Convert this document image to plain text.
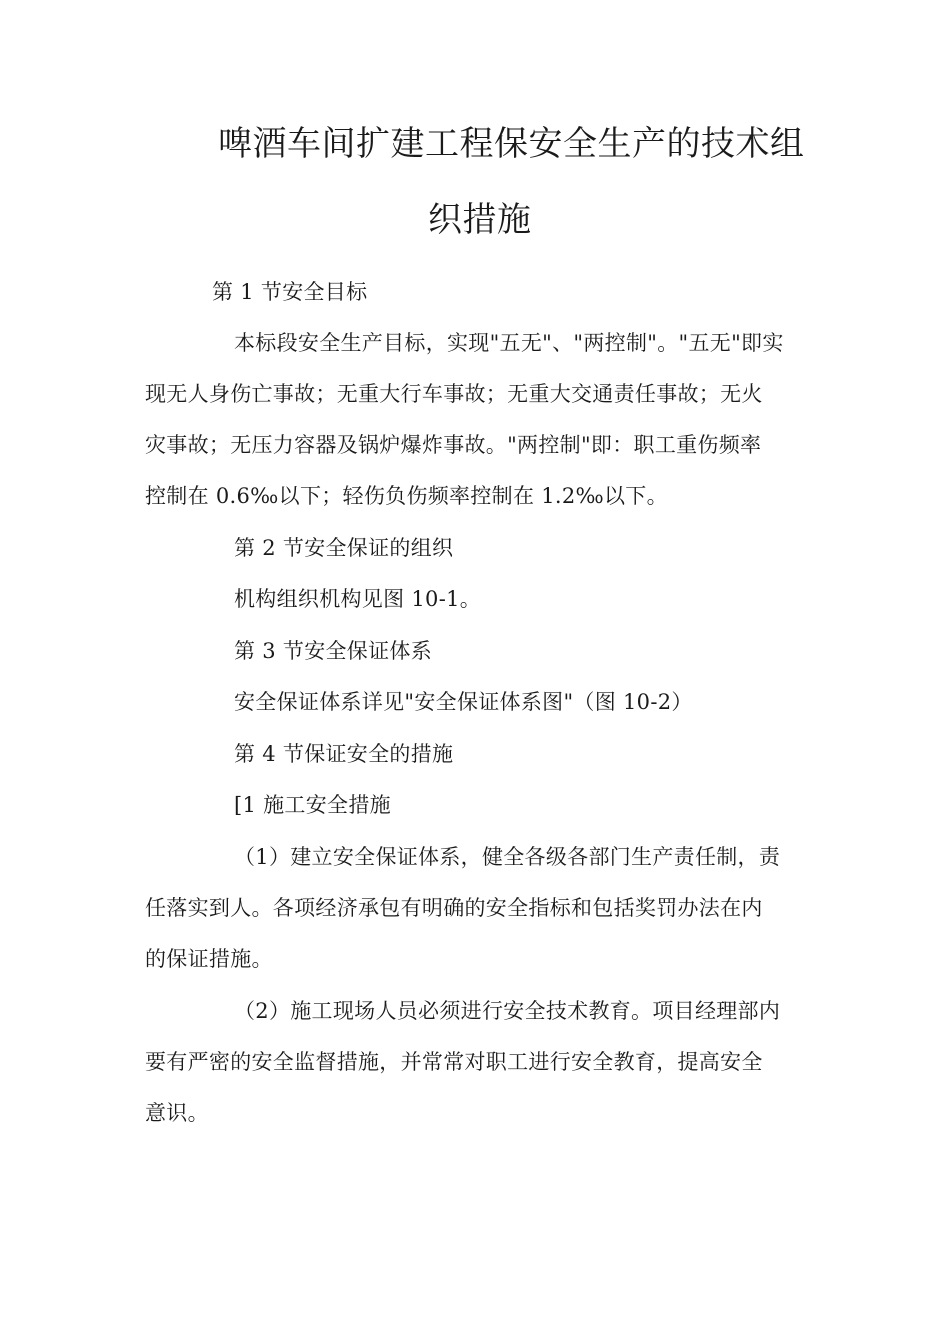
啤酒车间扩建工程保安全生产的技术组
织措施
第 1 节安全目标
本标段安全生产目标，实现"五无"、"两控制"。"五无"即实
现无人身伤亡事故；无重大行车事故；无重大交通责任事故；无火
灾事故；无压力容器及锅炉爆炸事故。"两控制"即：职工重伤频率
控制在 0.6‰以下；轻伤负伤频率控制在 1.2‰以下。
第 2 节安全保证的组织
机构组织机构见图 10-1。
第 3 节安全保证体系
安全保证体系详见"安全保证体系图"（图 10-2）
第 4 节保证安全的措施
[1 施工安全措施
（1）建立安全保证体系，健全各级各部门生产责任制，责
任落实到人。各项经济承包有明确的安全指标和包括奖罚办法在内
的保证措施。
（2）施工现场人员必须进行安全技术教育。项目经理部内
要有严密的安全监督措施，并常常对职工进行安全教育，提高安全
意识。
